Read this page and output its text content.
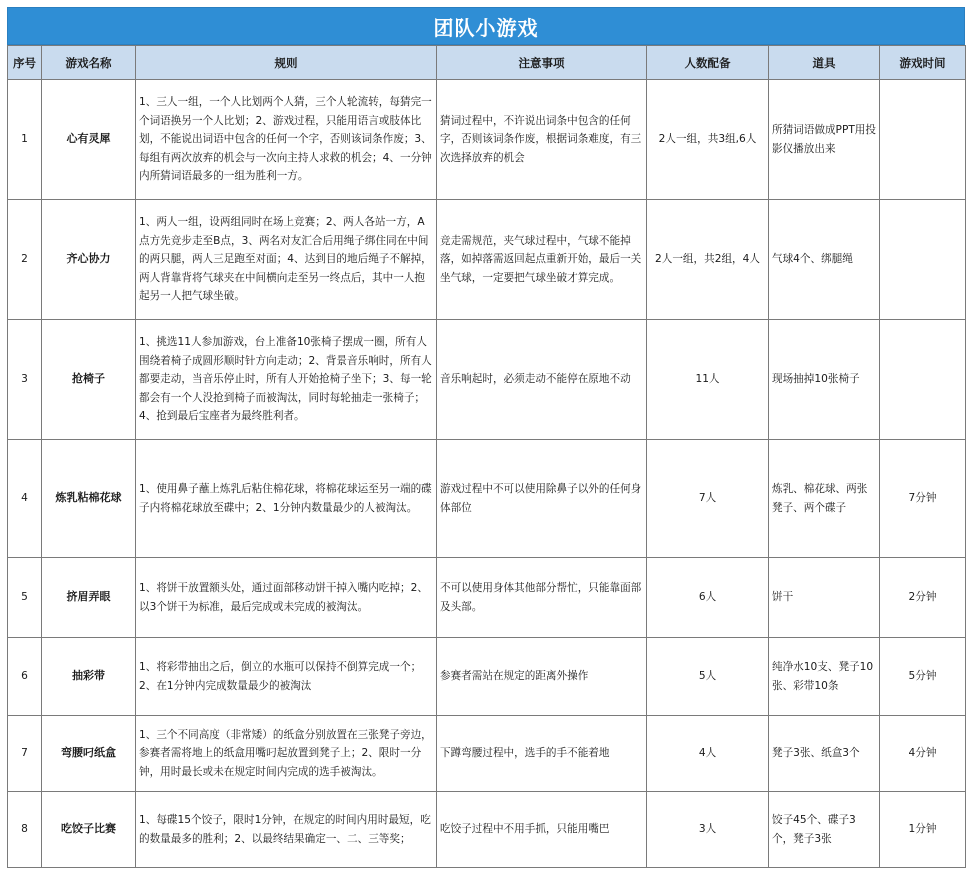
团队小游戏
序号	游戏名称	规则	注意事项	人数配备	道具	游戏时间
1	心有灵犀	1、三人一组，一个人比划两个人猜，三个人轮流转，每猜完一个词语换另一个人比划；2、游戏过程，只能用语言或肢体比划，不能说出词语中包含的任何一个字，否则该词条作废；3、每组有两次放弃的机会与一次向主持人求救的机会；4、一分钟内所猜词语最多的一组为胜利一方。	猜词过程中，不许说出词条中包含的任何字，否则该词条作废，根据词条难度，有三次选择放弃的机会	2人一组，共3组,6人	所猜词语做成PPT用投影仪播放出来	
2	齐心协力	1、两人一组，设两组同时在场上竞赛；2、两人各站一方，A点方先竞步走至B点，3、两名对友汇合后用绳子绑住同在中间的两只腿，两人三足跑至对面；4、达到目的地后绳子不解掉，两人背靠背将气球夹在中间横向走至另一终点后，其中一人抱起另一人把气球坐破。	竞走需规范，夹气球过程中，气球不能掉落，如掉落需返回起点重新开始，最后一关坐气球，一定要把气球坐破才算完成。	2人一组，共2组，4人	气球4个、绑腿绳	
3	抢椅子	1、挑选11人参加游戏，台上准备10张椅子摆成一圈，所有人围绕着椅子成圆形顺时针方向走动；2、背景音乐响时，所有人都要走动，当音乐停止时，所有人开始抢椅子坐下；3、每一轮都会有一个人没抢到椅子而被淘汰，同时每轮抽走一张椅子；4、抢到最后宝座者为最终胜利者。	音乐响起时，必须走动不能停在原地不动	11人	现场抽掉10张椅子	
4	炼乳粘棉花球	1、使用鼻子蘸上炼乳后粘住棉花球，将棉花球运至另一端的碟子内将棉花球放至碟中；2、1分钟内数量最少的人被淘汰。	游戏过程中不可以使用除鼻子以外的任何身体部位	7人	炼乳、棉花球、两张凳子、两个碟子	7分钟
5	挤眉弄眼	1、将饼干放置额头处，通过面部移动饼干掉入嘴内吃掉；2、以3个饼干为标准，最后完成或未完成的被淘汰。	不可以使用身体其他部分帮忙，只能靠面部及头部。	6人	饼干	2分钟
6	抽彩带	1、将彩带抽出之后，倒立的水瓶可以保持不倒算完成一个；2、在1分钟内完成数量最少的被淘汰	参赛者需站在规定的距离外操作	5人	纯净水10支、凳子10张、彩带10条	5分钟
7	弯腰叼纸盒	1、三个不同高度（非常矮）的纸盒分别放置在三张凳子旁边，参赛者需将地上的纸盒用嘴叼起放置到凳子上；2、限时一分钟，用时最长或未在规定时间内完成的选手被淘汰。	下蹲弯腰过程中，选手的手不能着地	4人	凳子3张、纸盒3个	4分钟
8	吃饺子比赛	1、每碟15个饺子，限时1分钟，在规定的时间内用时最短，吃的数量最多的胜利；2、以最终结果确定一、二、三等奖；	吃饺子过程中不用手抓，只能用嘴巴	3人	饺子45个、碟子3个，凳子3张	1分钟
